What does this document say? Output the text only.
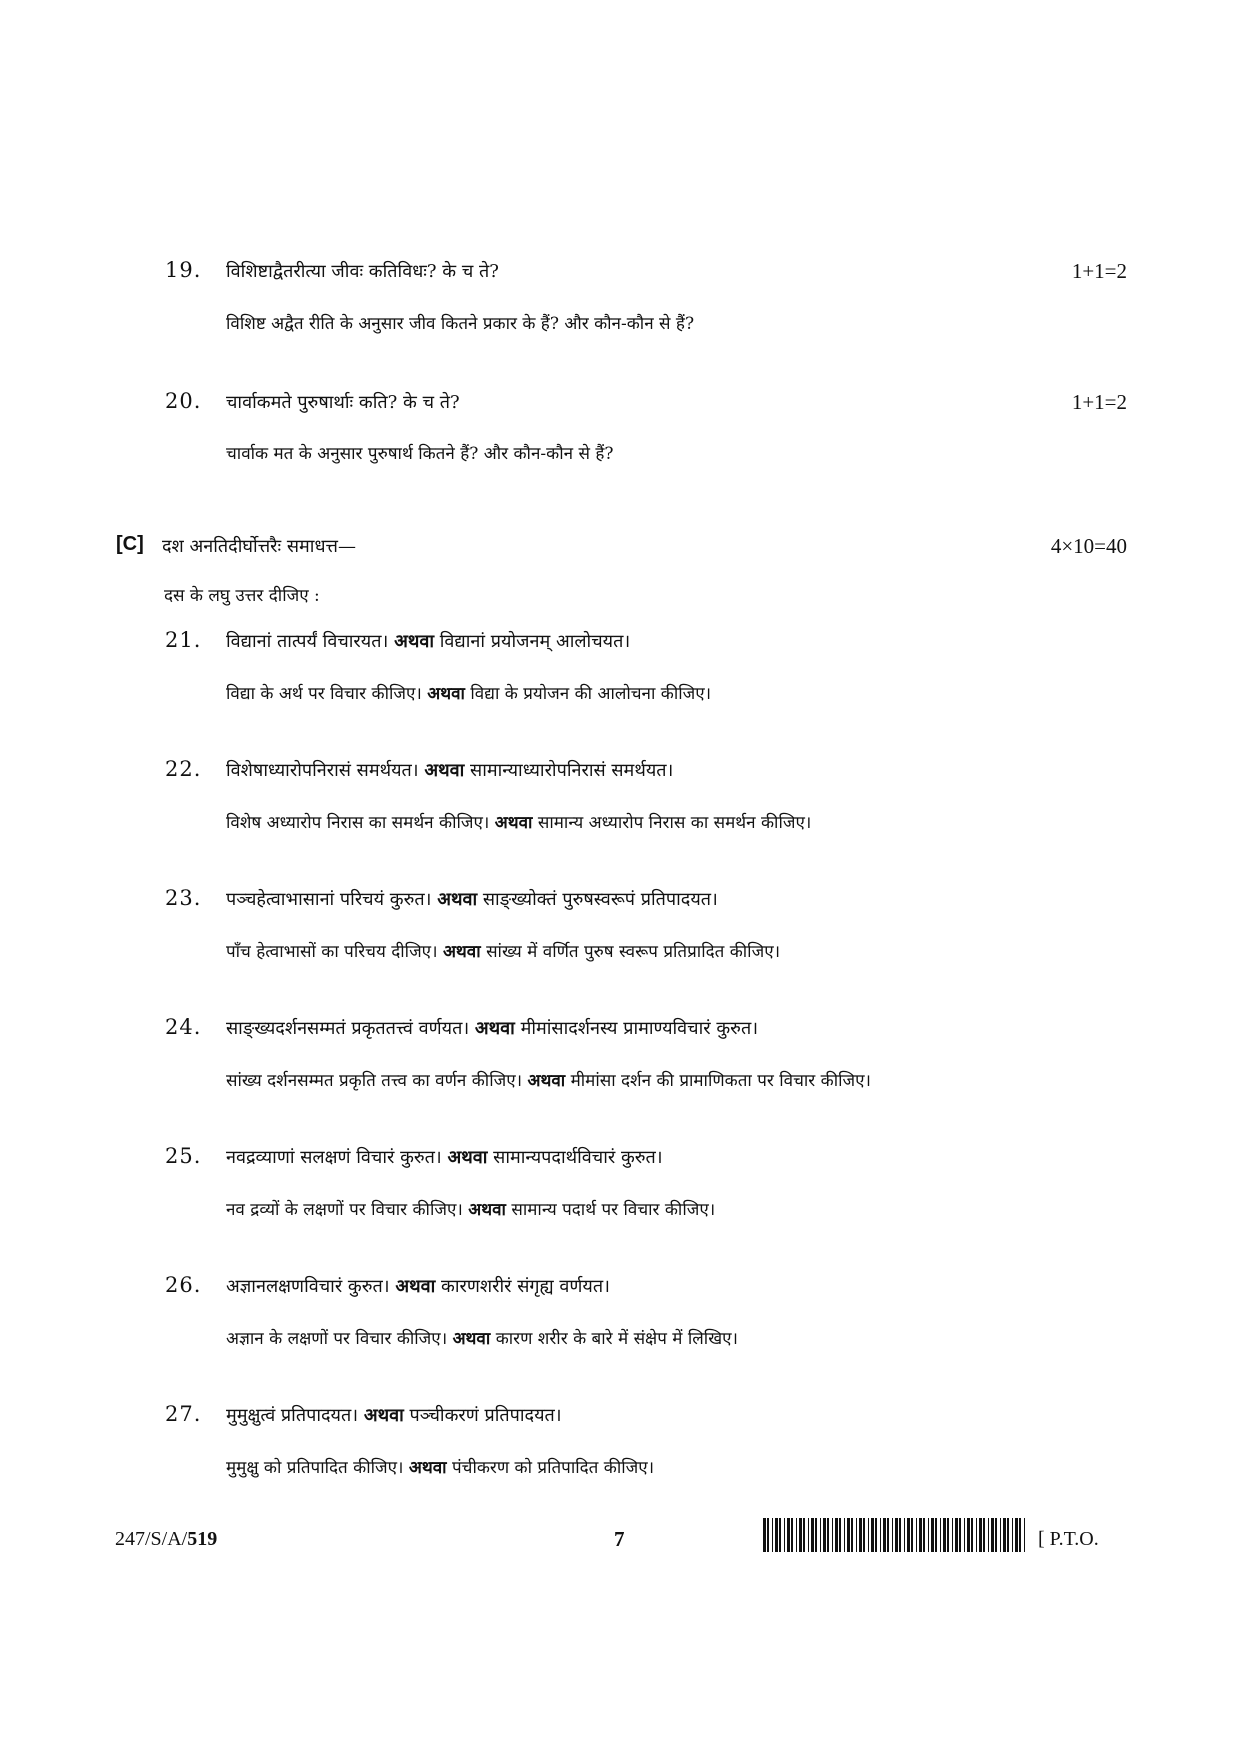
19. विशिष्टाद्वैतरीत्या जीवः कतिविधः? के च ते?	1+1=2
विशिष्ट अद्वैत रीति के अनुसार जीव कितने प्रकार के हैं? और कौन-कौन से हैं?
20. चार्वाकमते पुरुषार्थाः कति? के च ते?	1+1=2
चार्वाक मत के अनुसार पुरुषार्थ कितने हैं? और कौन-कौन से हैं?
[C] दश अनतिदीर्घोत्तरैः समाधत्त—	4×10=40
दस के लघु उत्तर दीजिए :
21. विद्यानां तात्पर्यं विचारयत। अथवा विद्यानां प्रयोजनम् आलोचयत।
विद्या के अर्थ पर विचार कीजिए। अथवा विद्या के प्रयोजन की आलोचना कीजिए।
22. विशेषाध्यारोपनिरासं समर्थयत। अथवा सामान्याध्यारोपनिरासं समर्थयत।
विशेष अध्यारोप निरास का समर्थन कीजिए। अथवा सामान्य अध्यारोप निरास का समर्थन कीजिए।
23. पञ्चहेत्वाभासानां परिचयं कुरुत। अथवा साङ्ख्योक्तं पुरुषस्वरूपं प्रतिपादयत।
पाँच हेत्वाभासों का परिचय दीजिए। अथवा सांख्य में वर्णित पुरुष स्वरूप प्रतिप्रादित कीजिए।
24. साङ्ख्यदर्शनसम्मतं प्रकृततत्त्वं वर्णयत। अथवा मीमांसादर्शनस्य प्रामाण्यविचारं कुरुत।
सांख्य दर्शनसम्मत प्रकृति तत्त्व का वर्णन कीजिए। अथवा मीमांसा दर्शन की प्रामाणिकता पर विचार कीजिए।
25. नवद्रव्याणां सलक्षणं विचारं कुरुत। अथवा सामान्यपदार्थविचारं कुरुत।
नव द्रव्यों के लक्षणों पर विचार कीजिए। अथवा सामान्य पदार्थ पर विचार कीजिए।
26. अज्ञानलक्षणविचारं कुरुत। अथवा कारणशरीरं संगृह्य वर्णयत।
अज्ञान के लक्षणों पर विचार कीजिए। अथवा कारण शरीर के बारे में संक्षेप में लिखिए।
27. मुमुक्षुत्वं प्रतिपादयत। अथवा पञ्चीकरणं प्रतिपादयत।
मुमुक्षु को प्रतिपादित कीजिए। अथवा पंचीकरण को प्रतिपादित कीजिए।
247/S/A/519	7	[ P.T.O.
